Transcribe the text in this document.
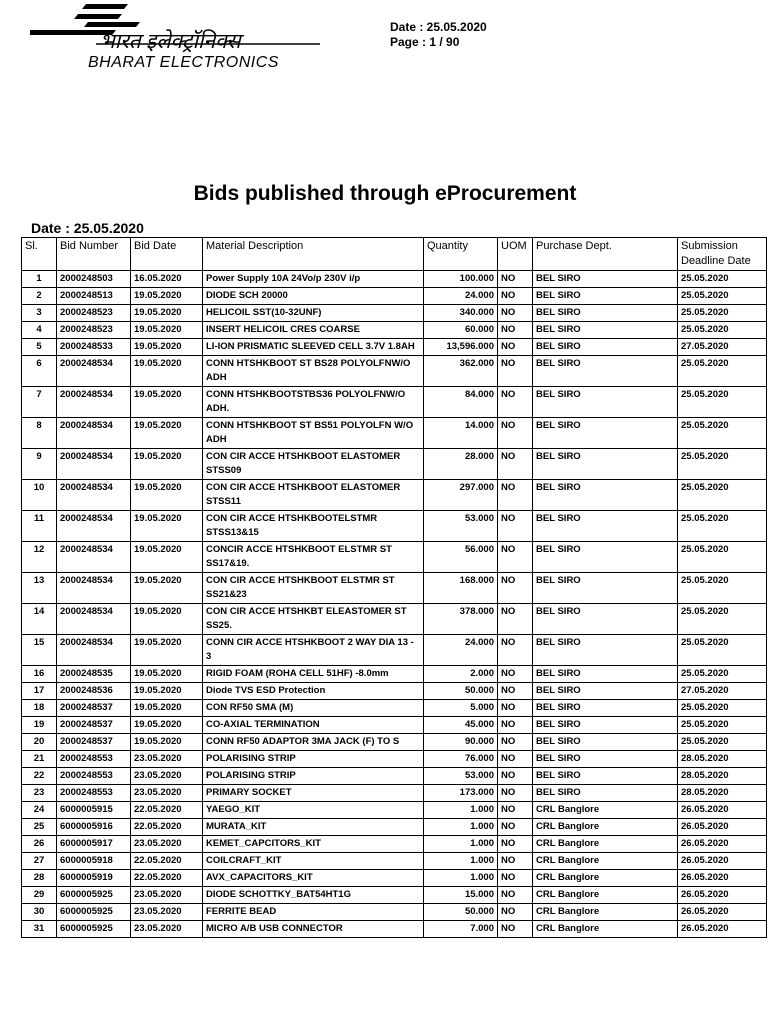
भारत इलेक्ट्रॉनिक्स
BHARAT ELECTRONICS
Date : 25.05.2020
Page : 1 / 90
Bids published through eProcurement
Date : 25.05.2020
Sl.	Bid Number	Bid Date	Material Description	Quantity	UOM	Purchase Dept.	Submission Deadline Date
1	2000248503	16.05.2020	Power Supply 10A 24Vo/p 230V i/p	100.000	NO	BEL SIRO	25.05.2020
2	2000248513	19.05.2020	DIODE SCH 20000	24.000	NO	BEL SIRO	25.05.2020
3	2000248523	19.05.2020	HELICOIL SST(10-32UNF)	340.000	NO	BEL SIRO	25.05.2020
4	2000248523	19.05.2020	INSERT HELICOIL CRES COARSE	60.000	NO	BEL SIRO	25.05.2020
5	2000248533	19.05.2020	LI-ION PRISMATIC SLEEVED CELL 3.7V 1.8AH	13,596.000	NO	BEL SIRO	27.05.2020
6	2000248534	19.05.2020	CONN HTSHKBOOT ST BS28 POLYOLFNW/O ADH	362.000	NO	BEL SIRO	25.05.2020
7	2000248534	19.05.2020	CONN HTSHKBOOTSTBS36 POLYOLFNW/O ADH.	84.000	NO	BEL SIRO	25.05.2020
8	2000248534	19.05.2020	CONN HTSHKBOOT ST BS51 POLYOLFN W/O ADH	14.000	NO	BEL SIRO	25.05.2020
9	2000248534	19.05.2020	CON CIR ACCE HTSHKBOOT ELASTOMER STSS09	28.000	NO	BEL SIRO	25.05.2020
10	2000248534	19.05.2020	CON CIR ACCE HTSHKBOOT ELASTOMER STSS11	297.000	NO	BEL SIRO	25.05.2020
11	2000248534	19.05.2020	CON CIR ACCE HTSHKBOOTELSTMR STSS13&15	53.000	NO	BEL SIRO	25.05.2020
12	2000248534	19.05.2020	CONCIR ACCE HTSHKBOOT ELSTMR ST SS17&19.	56.000	NO	BEL SIRO	25.05.2020
13	2000248534	19.05.2020	CON CIR ACCE HTSHKBOOT ELSTMR ST SS21&23	168.000	NO	BEL SIRO	25.05.2020
14	2000248534	19.05.2020	CON CIR ACCE HTSHKBT ELEASTOMER ST SS25.	378.000	NO	BEL SIRO	25.05.2020
15	2000248534	19.05.2020	CONN CIR ACCE HTSHKBOOT 2 WAY DIA 13 - 3	24.000	NO	BEL SIRO	25.05.2020
16	2000248535	19.05.2020	RIGID FOAM (ROHA CELL 51HF) -8.0mm	2.000	NO	BEL SIRO	25.05.2020
17	2000248536	19.05.2020	Diode TVS ESD Protection	50.000	NO	BEL SIRO	27.05.2020
18	2000248537	19.05.2020	CON RF50 SMA (M)	5.000	NO	BEL SIRO	25.05.2020
19	2000248537	19.05.2020	CO-AXIAL TERMINATION	45.000	NO	BEL SIRO	25.05.2020
20	2000248537	19.05.2020	CONN RF50 ADAPTOR 3MA JACK (F) TO S	90.000	NO	BEL SIRO	25.05.2020
21	2000248553	23.05.2020	POLARISING STRIP	76.000	NO	BEL SIRO	28.05.2020
22	2000248553	23.05.2020	POLARISING STRIP	53.000	NO	BEL SIRO	28.05.2020
23	2000248553	23.05.2020	PRIMARY SOCKET	173.000	NO	BEL SIRO	28.05.2020
24	6000005915	22.05.2020	YAEGO_KIT	1.000	NO	CRL Banglore	26.05.2020
25	6000005916	22.05.2020	MURATA_KIT	1.000	NO	CRL Banglore	26.05.2020
26	6000005917	23.05.2020	KEMET_CAPCITORS_KIT	1.000	NO	CRL Banglore	26.05.2020
27	6000005918	22.05.2020	COILCRAFT_KIT	1.000	NO	CRL Banglore	26.05.2020
28	6000005919	22.05.2020	AVX_CAPACITORS_KIT	1.000	NO	CRL Banglore	26.05.2020
29	6000005925	23.05.2020	DIODE SCHOTTKY_BAT54HT1G	15.000	NO	CRL Banglore	26.05.2020
30	6000005925	23.05.2020	FERRITE BEAD	50.000	NO	CRL Banglore	26.05.2020
31	6000005925	23.05.2020	MICRO A/B USB CONNECTOR	7.000	NO	CRL Banglore	26.05.2020
